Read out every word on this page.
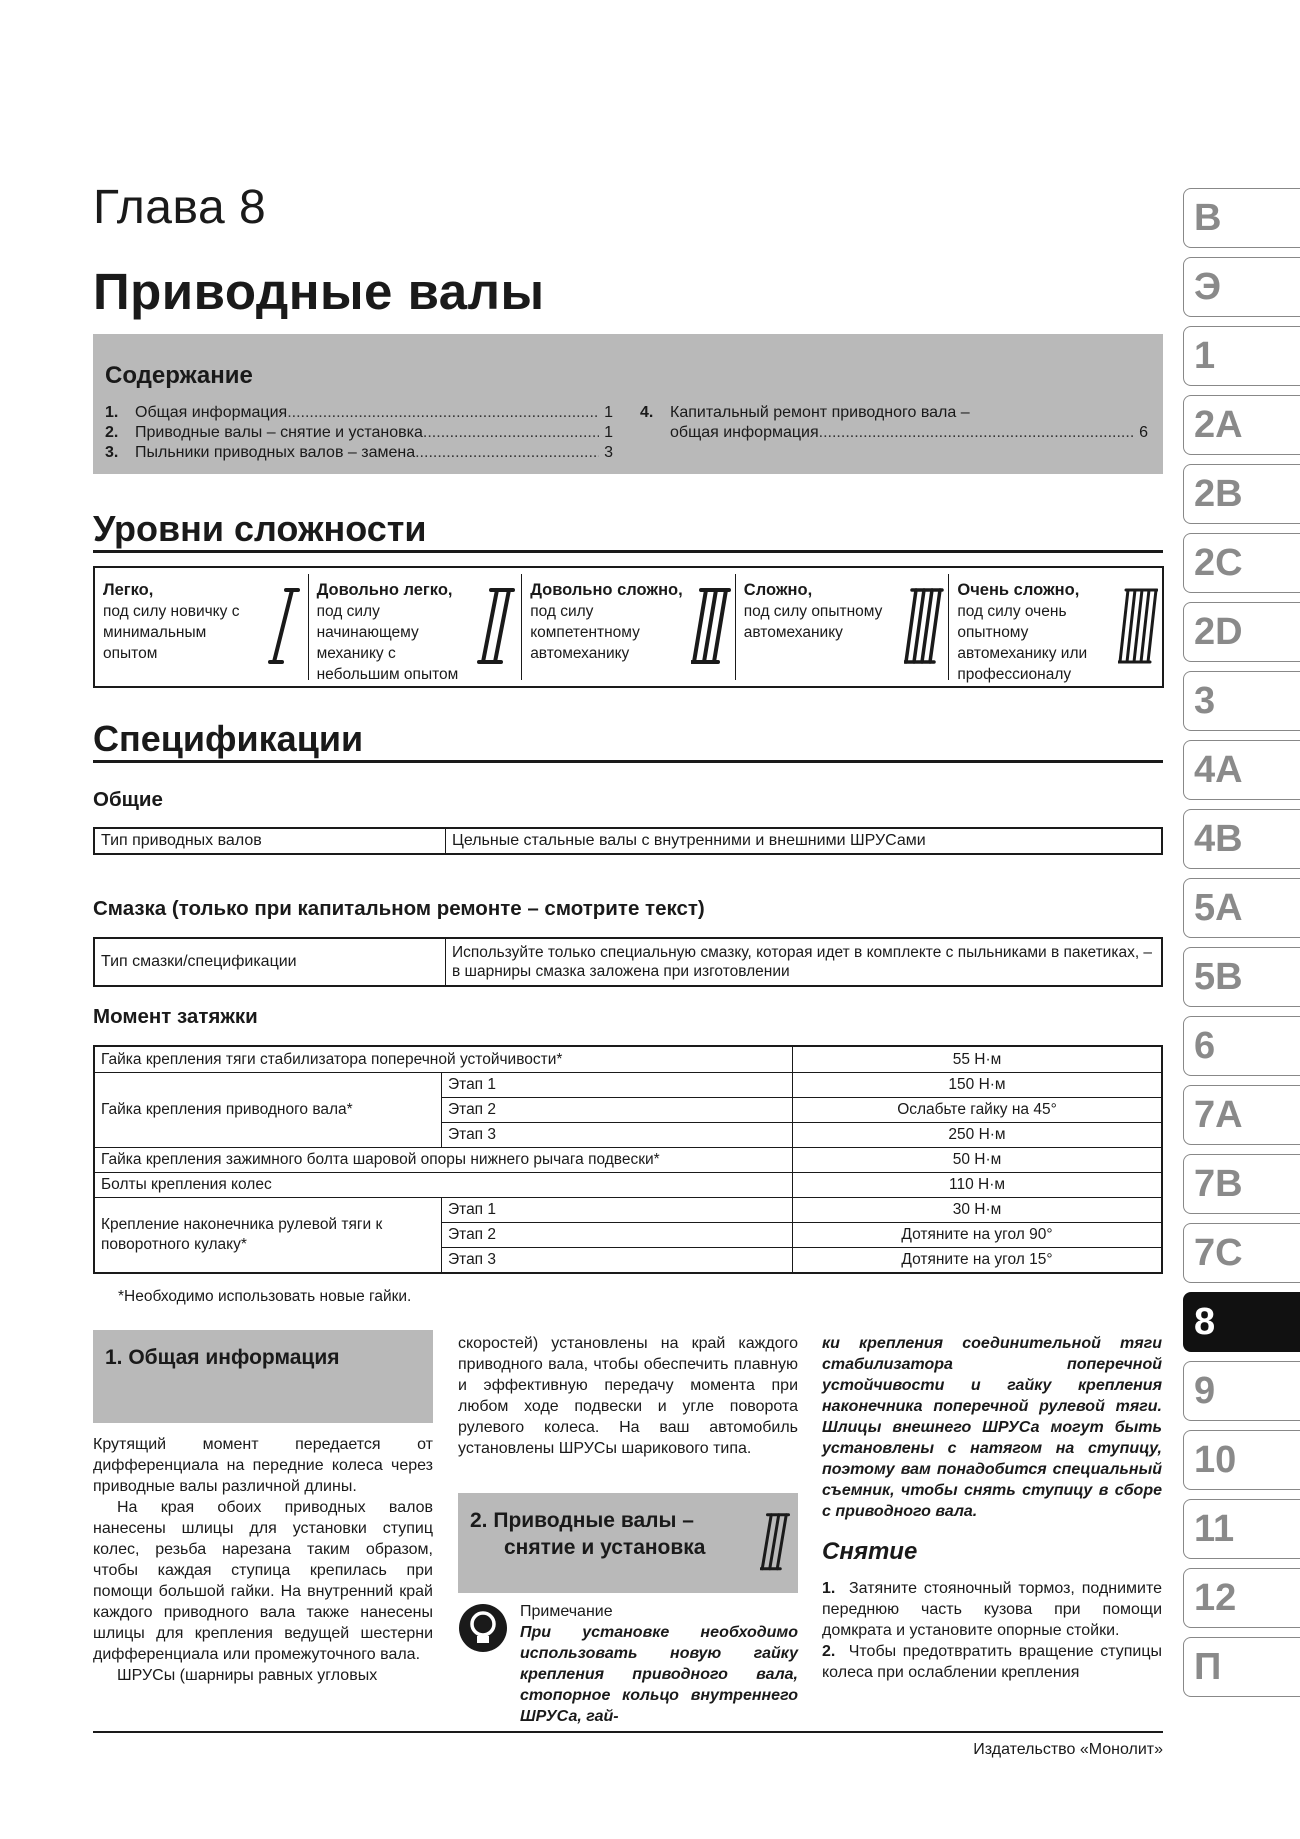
Глава 8
Приводные валы
Содержание
1.	Общая информация .....	1
2.	Приводные валы – снятие и установка .....	1
3.	Пыльники приводных валов – замена .....	3
4.	Капитальный ремонт приводного вала –
общая информация .....	6
Уровни сложности
Легко,

под силу новичку с минимальным опытом
Довольно легко,

под силу начинающему механику с небольшим опытом
Довольно сложно,

под силу компетентному автомеханику
Сложно,

под силу опытному автомеханику
Очень сложно,

под силу очень опытному автомеханику или профессионалу
Спецификации
Общие
Тип приводных валов	Цельные стальные валы с внутренними и внешними ШРУСами
Смазка (только при капитальном ремонте – смотрите текст)
Тип смазки/спецификации	Используйте только специальную смазку, которая идет в комплекте с пыльниками в пакетиках, – в шарниры смазка заложена при изготовлении
Момент затяжки
Гайка крепления тяги стабилизатора поперечной устойчивости*		55 Н·м
Гайка крепления приводного вала*	Этап 1	150 Н·м
	Этап 2	Ослабьте гайку на 45°
	Этап 3	250 Н·м
Гайка крепления зажимного болта шаровой опоры нижнего рычага подвески*		50 Н·м
Болты крепления колес		110 Н·м
Крепление наконечника рулевой тяги к поворотного кулаку*	Этап 1	30 Н·м
	Этап 2	Дотяните на угол 90°
	Этап 3	Дотяните на угол 15°
*Необходимо использовать новые гайки.
1. Общая информация
Крутящий момент передается от дифференциала на передние колеса через приводные валы различной длины.
На края обоих приводных валов нанесены шлицы для установки ступиц колес, резьба нарезана таким образом, чтобы каждая ступица крепилась при помощи большой гайки. На внутренний край каждого приводного вала также нанесены шлицы для крепления ведущей шестерни дифференциала или промежуточного вала.
ШРУСы (шарниры равных угловых
скоростей) установлены на край каждого приводного вала, чтобы обеспечить плавную и эффективную передачу момента при любом ходе подвески и угле поворота рулевого колеса. На ваш автомобиль установлены ШРУСы шарикового типа.
2. Приводные валы –
снятие и установка
Примечание
При установке необходимо использовать новую гайку крепления приводного вала, стопорное кольцо внутреннего ШРУСа, гай-
ки крепления соединительной тяги стабилизатора поперечной устойчивости и гайку крепления наконечника поперечной рулевой тяги. Шлицы внешнего ШРУСа могут быть установлены с натягом на ступицу, поэтому вам понадобится специальный съемник, чтобы снять ступицу в сборе с приводного вала.
Снятие
1. Затяните стояночный тормоз, поднимите переднюю часть кузова при помощи домкрата и установите опорные стойки.
2. Чтобы предотвратить вращение ступицы колеса при ослаблении крепления
Издательство «Монолит»
В
Э
1
2A
2B
2C
2D
3
4A
4B
5A
5B
6
7A
7B
7C
8
9
10
11
12
П
